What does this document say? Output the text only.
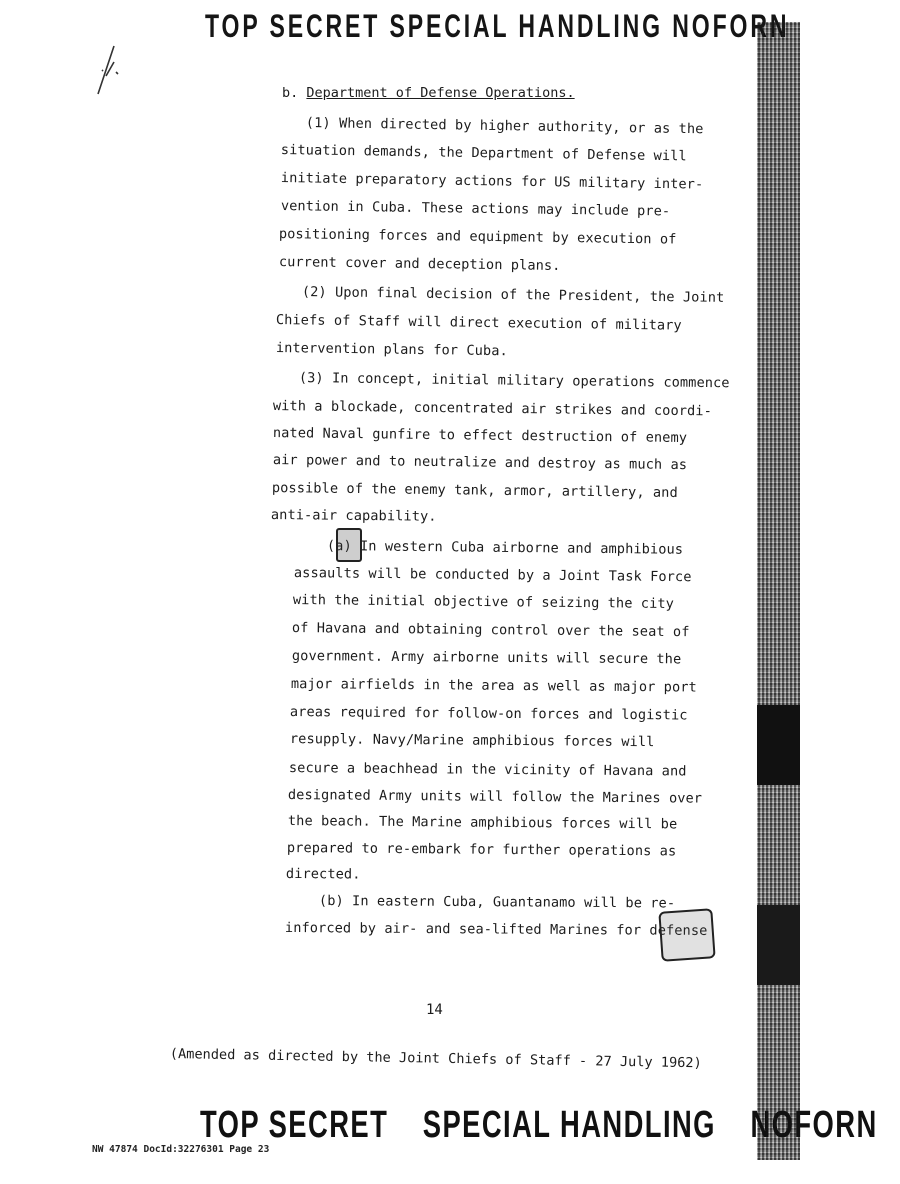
TOP SECRET SPECIAL HANDLING NOFORN
b. Department of Defense Operations.
(1) When directed by higher authority, or as the
situation demands, the Department of Defense will
initiate preparatory actions for US military inter-
vention in Cuba. These actions may include pre-
positioning forces and equipment by execution of
current cover and deception plans.
(2) Upon final decision of the President, the Joint
Chiefs of Staff will direct execution of military
intervention plans for Cuba.
(3) In concept, initial military operations commence
with a blockade, concentrated air strikes and coordi-
nated Naval gunfire to effect destruction of enemy
air power and to neutralize and destroy as much as
possible of the enemy tank, armor, artillery, and
anti-air capability.
(a) In western Cuba airborne and amphibious
assaults will be conducted by a Joint Task Force
with the initial objective of seizing the city
of Havana and obtaining control over the seat of
government. Army airborne units will secure the
major airfields in the area as well as major port
areas required for follow-on forces and logistic
resupply. Navy/Marine amphibious forces will
secure a beachhead in the vicinity of Havana and
designated Army units will follow the Marines over
the beach. The Marine amphibious forces will be
prepared to re-embark for further operations as
directed.
(b) In eastern Cuba, Guantanamo will be re-
inforced by air- and sea-lifted Marines for defense
14
(Amended as directed by the Joint Chiefs of Staff - 27 July 1962)
TOP SECRET SPECIAL HANDLING NOFORN
NW 47874 DocId:32276301 Page 23
